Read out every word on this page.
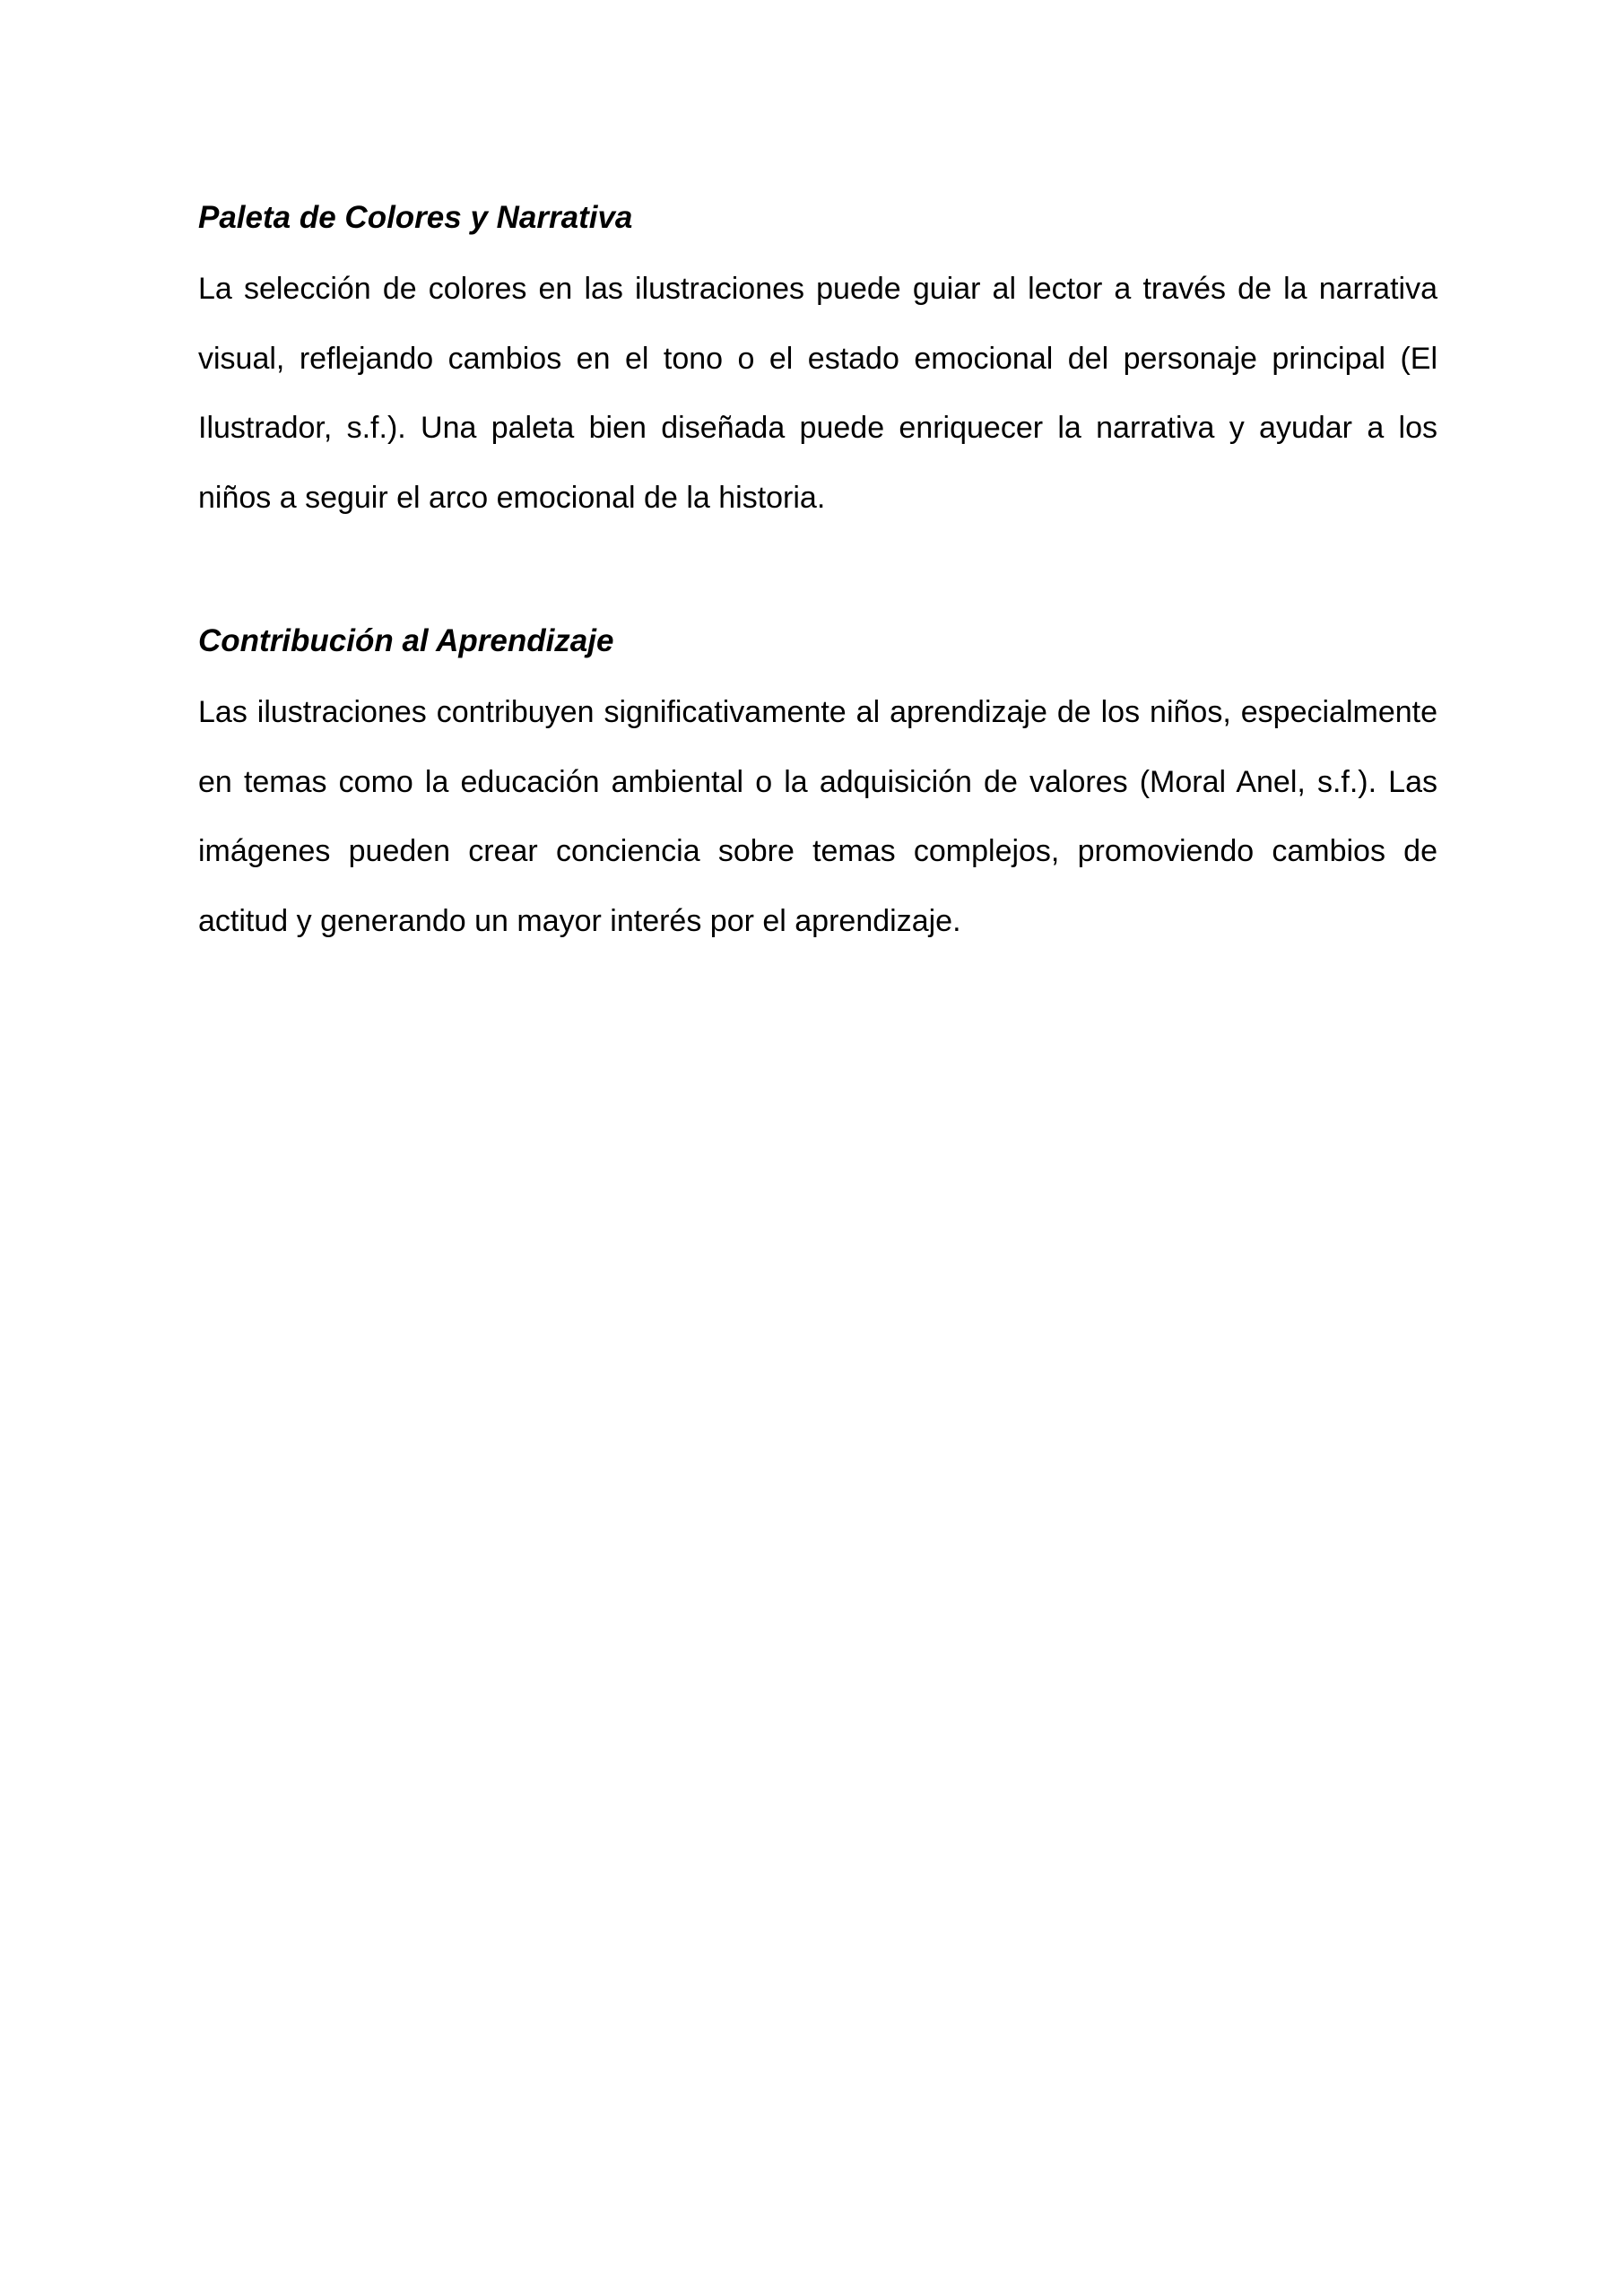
Paleta de Colores y Narrativa

La selección de colores en las ilustraciones puede guiar al lector a través de la narrativa visual, reflejando cambios en el tono o el estado emocional del personaje principal (El Ilustrador, s.f.). Una paleta bien diseñada puede enriquecer la narrativa y ayudar a los niños a seguir el arco emocional de la historia.

Contribución al Aprendizaje

Las ilustraciones contribuyen significativamente al aprendizaje de los niños, especialmente en temas como la educación ambiental o la adquisición de valores (Moral Anel, s.f.). Las imágenes pueden crear conciencia sobre temas complejos, promoviendo cambios de actitud y generando un mayor interés por el aprendizaje.
